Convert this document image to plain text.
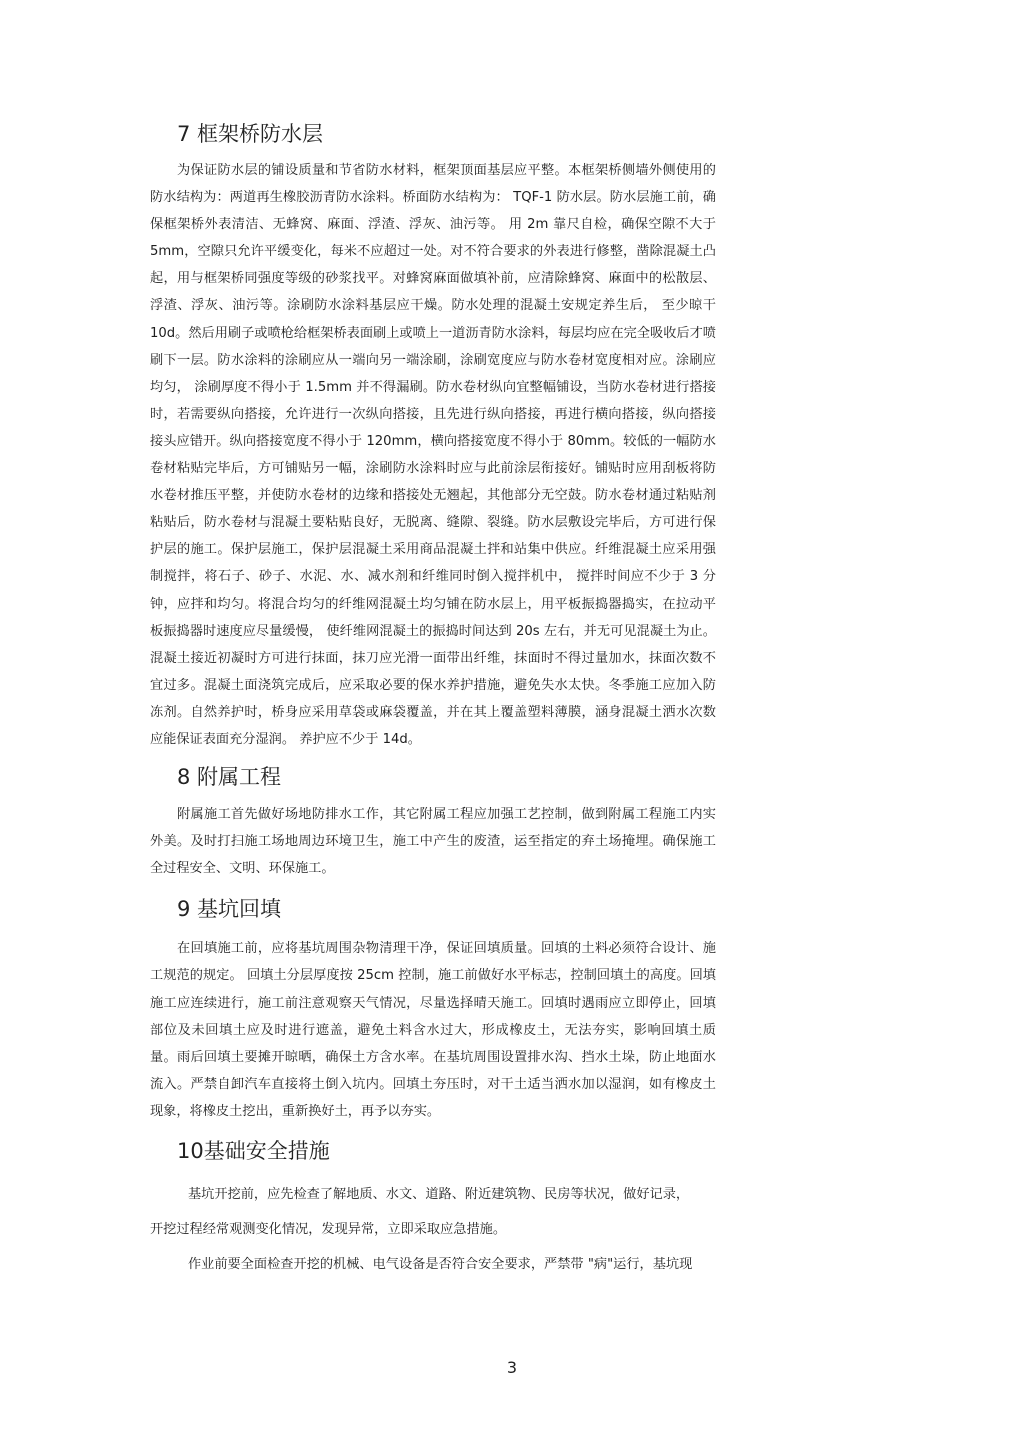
7 框架桥防水层

为保证防水层的铺设质量和节省防水材料，框架顶面基层应平整。本框架桥侧墙外侧使用的防水结构为：两道再生橡胶沥青防水涂料。桥面防水结构为： TQF-1 防水层。防水层施工前，确保框架桥外表清洁、无蜂窝、麻面、浮渣、浮灰、油污等。 用 2m 靠尺自检，确保空隙不大于 5mm，空隙只允许平缓变化，每米不应超过一处。对不符合要求的外表进行修整，凿除混凝土凸起，用与框架桥同强度等级的砂浆找平。对蜂窝麻面做填补前，应清除蜂窝、麻面中的松散层、浮渣、浮灰、油污等。涂刷防水涂料基层应干燥。防水处理的混凝土安规定养生后， 至少晾干 10d。然后用刷子或喷枪给框架桥表面刷上或喷上一道沥青防水涂料，每层均应在完全吸收后才喷刷下一层。防水涂料的涂刷应从一端向另一端涂刷，涂刷宽度应与防水卷材宽度相对应。涂刷应均匀， 涂刷厚度不得小于 1.5mm 并不得漏刷。防水卷材纵向宜整幅铺设，当防水卷材进行搭接时，若需要纵向搭接，允许进行一次纵向搭接，且先进行纵向搭接，再进行横向搭接，纵向搭接接头应错开。纵向搭接宽度不得小于 120mm，横向搭接宽度不得小于 80mm。较低的一幅防水卷材粘贴完毕后，方可铺贴另一幅，涂刷防水涂料时应与此前涂层衔接好。铺贴时应用刮板将防水卷材推压平整，并使防水卷材的边缘和搭接处无翘起，其他部分无空鼓。防水卷材通过粘贴剂粘贴后，防水卷材与混凝土要粘贴良好，无脱离、缝隙、裂缝。防水层敷设完毕后，方可进行保护层的施工。保护层施工，保护层混凝土采用商品混凝土拌和站集中供应。纤维混凝土应采用强制搅拌，将石子、砂子、水泥、水、减水剂和纤维同时倒入搅拌机中， 搅拌时间应不少于 3 分钟，应拌和均匀。将混合均匀的纤维网混凝土均匀铺在防水层上，用平板振捣器捣实，在拉动平板振捣器时速度应尽量缓慢， 使纤维网混凝土的振捣时间达到 20s 左右，并无可见混凝土为止。混凝土接近初凝时方可进行抹面，抹刀应光滑一面带出纤维，抹面时不得过量加水，抹面次数不宜过多。混凝土面浇筑完成后，应采取必要的保水养护措施，避免失水太快。冬季施工应加入防冻剂。自然养护时，桥身应采用草袋或麻袋覆盖，并在其上覆盖塑料薄膜，涵身混凝土洒水次数应能保证表面充分湿润。 养护应不少于 14d。

8 附属工程

附属施工首先做好场地防排水工作，其它附属工程应加强工艺控制，做到附属工程施工内实外美。及时打扫施工场地周边环境卫生，施工中产生的废渣，运至指定的弃土场掩埋。确保施工全过程安全、文明、环保施工。

9 基坑回填

在回填施工前，应将基坑周围杂物清理干净，保证回填质量。回填的土料必须符合设计、施工规范的规定。 回填土分层厚度按 25cm 控制，施工前做好水平标志，控制回填土的高度。回填施工应连续进行，施工前注意观察天气情况，尽量选择晴天施工。回填时遇雨应立即停止，回填部位及未回填土应及时进行遮盖，避免土料含水过大，形成橡皮土，无法夯实，影响回填土质量。雨后回填土要摊开晾晒，确保土方含水率。在基坑周围设置排水沟、挡水土垛，防止地面水流入。严禁自卸汽车直接将土倒入坑内。回填土夯压时，对干土适当洒水加以湿润，如有橡皮土现象，将橡皮土挖出，重新换好土，再予以夯实。

10基础安全措施

基坑开挖前，应先检查了解地质、水文、道路、附近建筑物、民房等状况，做好记录，

开挖过程经常观测变化情况，发现异常，立即采取应急措施。

作业前要全面检查开挖的机械、电气设备是否符合安全要求，严禁带 "病"运行，基坑现

3
